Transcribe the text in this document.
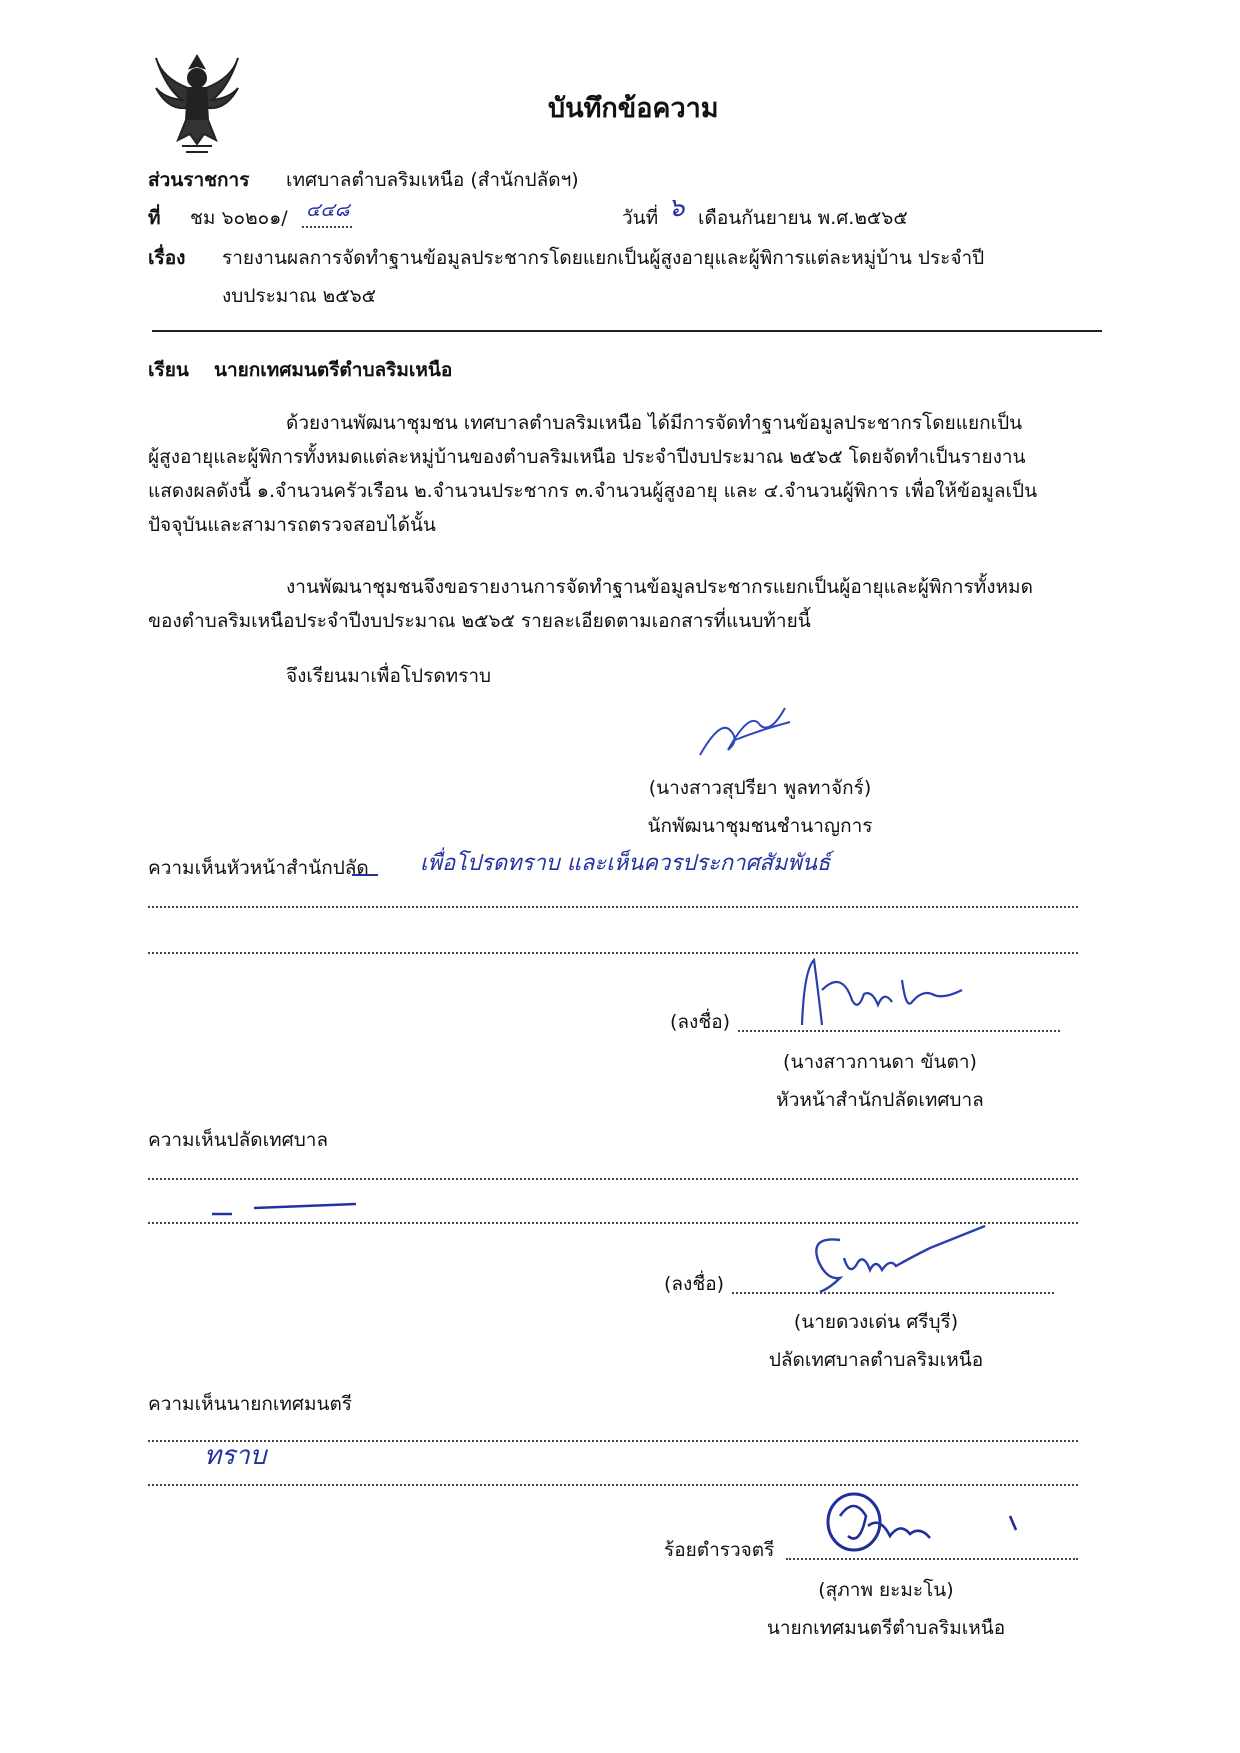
บันทึกข้อความ
ส่วนราชการ เทศบาลตำบลริมเหนือ (สำนักปลัดฯ)
ที่ ชม ๖๐๒๐๑/ ๔๔๘	วันที่ ๖ เดือนกันยายน พ.ศ.๒๕๖๕
เรื่อง รายงานผลการจัดทำฐานข้อมูลประชากรโดยแยกเป็นผู้สูงอายุและผู้พิการแต่ละหมู่บ้าน ประจำปี
งบประมาณ ๒๕๖๕
เรียน นายกเทศมนตรีตำบลริมเหนือ
ด้วยงานพัฒนาชุมชน เทศบาลตำบลริมเหนือ ได้มีการจัดทำฐานข้อมูลประชากรโดยแยกเป็น
ผู้สูงอายุและผู้พิการทั้งหมดแต่ละหมู่บ้านของตำบลริมเหนือ ประจำปีงบประมาณ ๒๕๖๕ โดยจัดทำเป็นรายงาน
แสดงผลดังนี้ ๑.จำนวนครัวเรือน ๒.จำนวนประชากร ๓.จำนวนผู้สูงอายุ และ ๔.จำนวนผู้พิการ เพื่อให้ข้อมูลเป็น
ปัจจุบันและสามารถตรวจสอบได้นั้น
งานพัฒนาชุมชนจึงขอรายงานการจัดทำฐานข้อมูลประชากรแยกเป็นผู้อายุและผู้พิการทั้งหมด
ของตำบลริมเหนือประจำปีงบประมาณ ๒๕๖๕ รายละเอียดตามเอกสารที่แนบท้ายนี้
จึงเรียนมาเพื่อโปรดทราบ
(นางสาวสุปรียา พูลทาจักร์)
นักพัฒนาชุมชนชำนาญการ
ความเห็นหัวหน้าสำนักปลัด เพื่อโปรดทราบ และเห็นควรประกาศสัมพันธ์
(ลงชื่อ)
(นางสาวกานดา ขันตา)
หัวหน้าสำนักปลัดเทศบาล
ความเห็นปลัดเทศบาล
(ลงชื่อ)
(นายดวงเด่น ศรีบุรี)
ปลัดเทศบาลตำบลริมเหนือ
ความเห็นนายกเทศมนตรี
ทราบ
ร้อยตำรวจตรี
(สุภาพ ยะมะโน)
นายกเทศมนตรีตำบลริมเหนือ
